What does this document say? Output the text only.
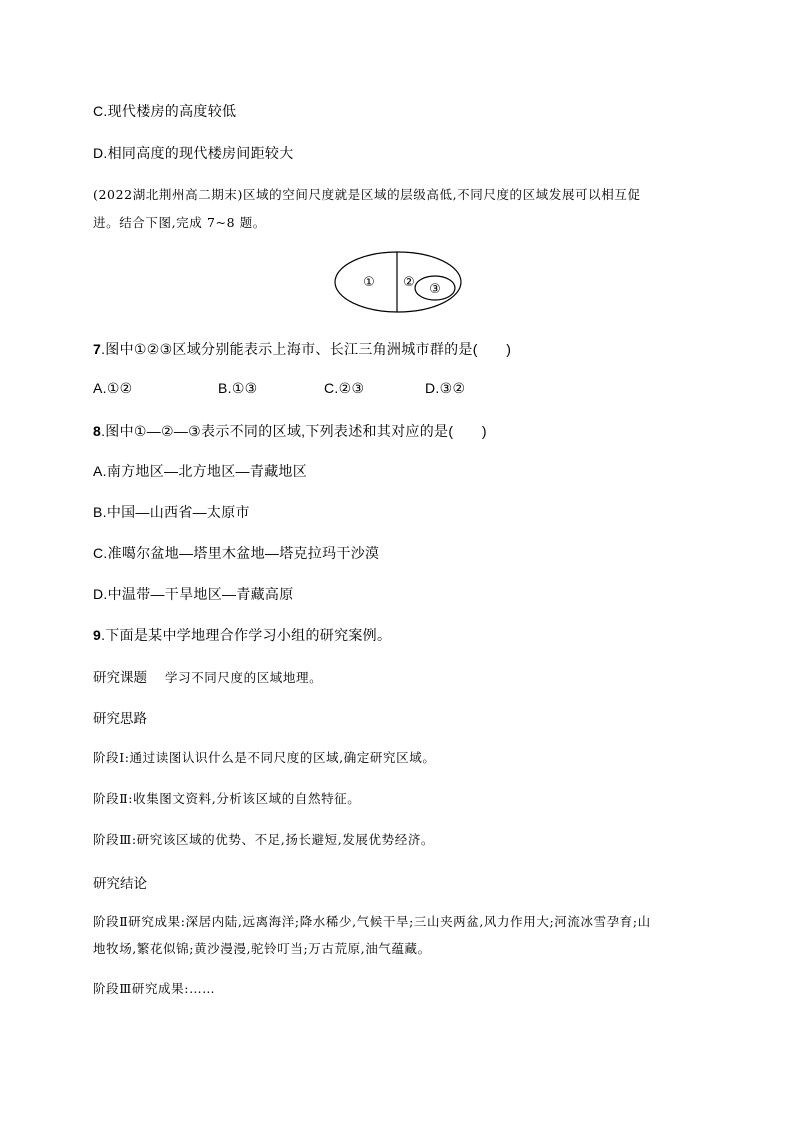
C.现代楼房的高度较低
D.相同高度的现代楼房间距较大
(2022湖北荆州高二期末)区域的空间尺度就是区域的层级高低,不同尺度的区域发展可以相互促
进。结合下图,完成 7~8 题。
① ② ③
7.图中①②③区域分别能表示上海市、长江三角洲城市群的是(　　)
A.①②	B.①③	C.②③	D.③②
8.图中①—②—③表示不同的区域,下列表述和其对应的是(　　)
A.南方地区—北方地区—青藏地区
B.中国—山西省—太原市
C.准噶尔盆地—塔里木盆地—塔克拉玛干沙漠
D.中温带—干旱地区—青藏高原
9.下面是某中学地理合作学习小组的研究案例。
研究课题 学习不同尺度的区域地理。
研究思路
阶段Ⅰ:通过读图认识什么是不同尺度的区域,确定研究区域。
阶段Ⅱ:收集图文资料,分析该区域的自然特征。
阶段Ⅲ:研究该区域的优势、不足,扬长避短,发展优势经济。
研究结论
阶段Ⅱ研究成果:深居内陆,远离海洋;降水稀少,气候干旱;三山夹两盆,风力作用大;河流冰雪孕育;山
地牧场,繁花似锦;黄沙漫漫,驼铃叮当;万古荒原,油气蕴藏。
阶段Ⅲ研究成果:……
